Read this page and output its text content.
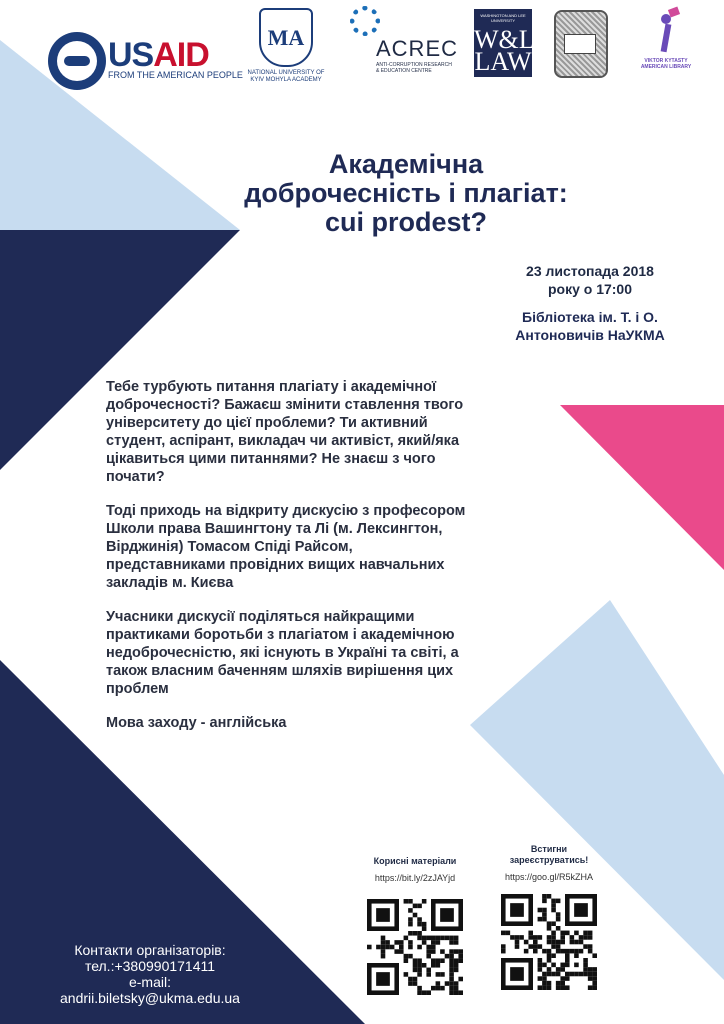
USAID
FROM THE AMERICAN PEOPLE
МА
NATIONAL UNIVERSITY OF
KYIV MOHYLA ACADEMY
ACREC
ANTI-CORRUPTION RESEARCH & EDUCATION CENTRE
WASHINGTON AND LEE UNIVERSITY
W&L LAW
SCHOOL OF LAW
VIKTOR KYTASTY
AMERICAN LIBRARY
Академічна
доброчесність і плагіат:
cui prodest?
23 листопада 2018
року о 17:00
Бібліотека ім. Т. і О.
Антоновичів НаУКМА

Тебе турбують питання плагіату і академічної доброчесності? Бажаєш змінити ставлення твого університету до цієї проблеми? Ти активний студент, аспірант, викладач чи активіст, який/яка цікавиться цими питаннями? Не знаєш з чого почати?

Тоді приходь на відкриту дискусію з професором Школи права Вашингтону та Лі (м. Лексингтон, Вірджинія) Томасом Спіді Райсом, представниками провідних вищих навчальних закладів м. Києва

Учасники дискусії поділяться найкращими практиками боротьби з плагіатом і академічною недоброчесністю, які існують в Україні та світі, а також власним баченням шляхів вирішення цих проблем

Мова заходу - англійська

Корисні матеріали
https://bit.ly/2zJAYjd
Встигни
зареєструватись!
https://goo.gl/R5kZHA
Контакти організаторів:
тел.:+380990171411
e-mail:
andrii.biletsky@ukma.edu.ua
